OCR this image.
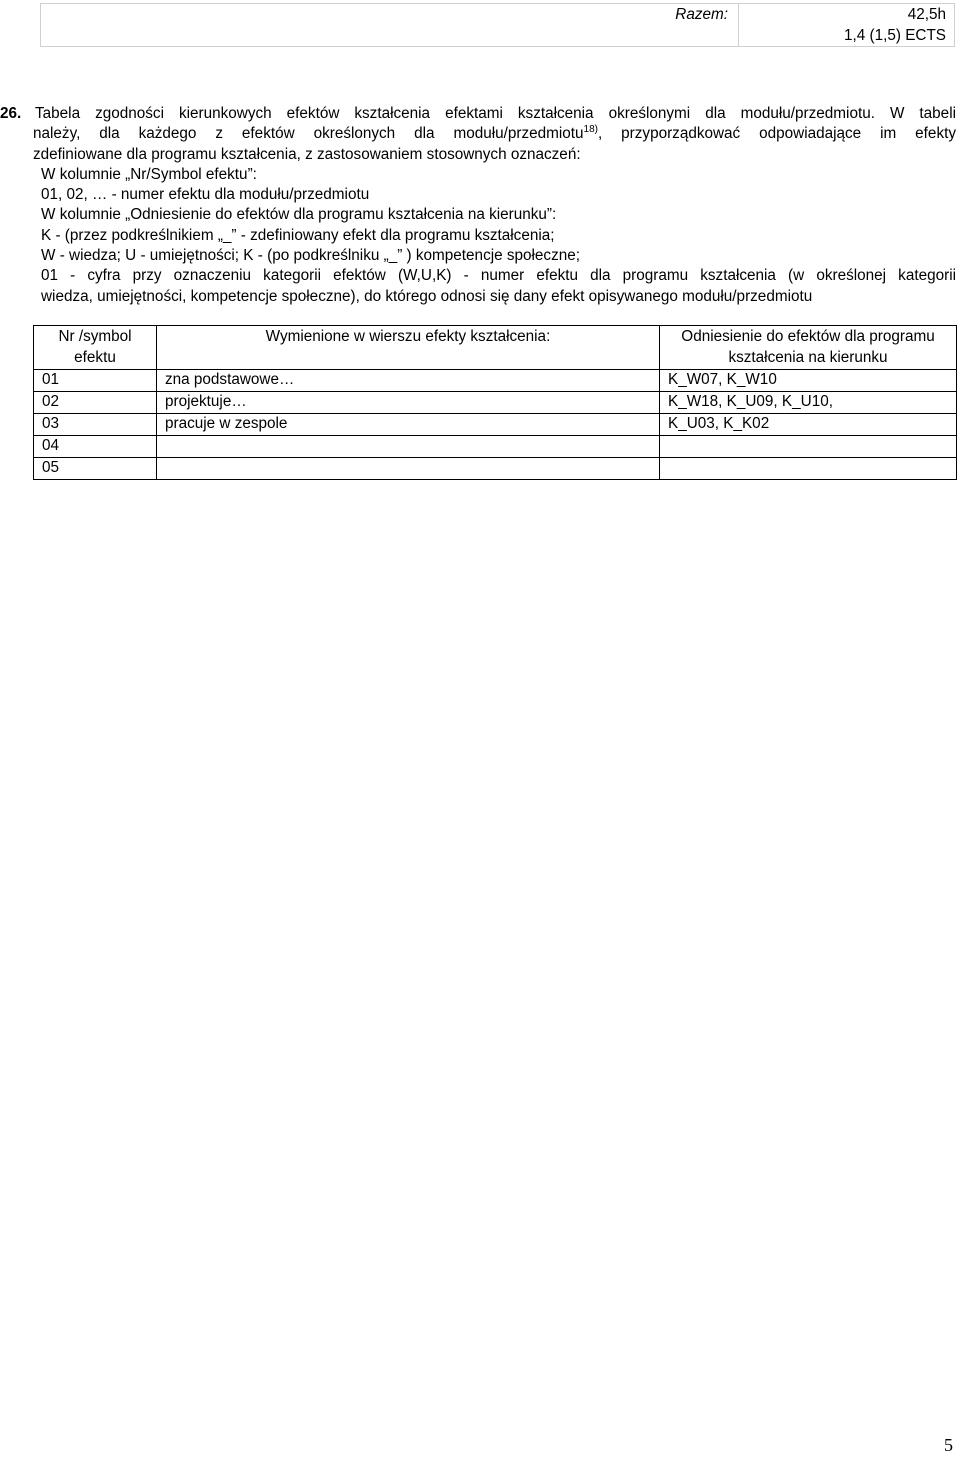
Razem:	42,5h
1,4 (1,5) ECTS

26. Tabela zgodności kierunkowych efektów kształcenia efektami kształcenia określonymi dla modułu/przedmiotu. W tabeli

należy, dla każdego z efektów określonych dla modułu/przedmiotu$^{18)}$, przyporządkować odpowiadające im efekty

zdefiniowane dla programu kształcenia, z zastosowaniem stosownych oznaczeń:

W kolumnie „Nr/Symbol efektu”:

01, 02, … - numer efektu dla modułu/przedmiotu

W kolumnie „Odniesienie do efektów dla programu kształcenia na kierunku”:

K - (przez podkreślnikiem „_” - zdefiniowany efekt dla programu kształcenia;

W - wiedza; U - umiejętności; K - (po podkreślniku „_” ) kompetencje społeczne;

01 - cyfra przy oznaczeniu kategorii efektów (W,U,K) - numer efektu dla programu kształcenia (w określonej kategorii

wiedza, umiejętności, kompetencje społeczne), do którego odnosi się dany efekt opisywanego modułu/przedmiotu

Nr /symbol efektu	Wymienione w wierszu efekty kształcenia:	Odniesienie do efektów dla programu kształcenia na kierunku
01	zna podstawowe…	K_W07, K_W10
02	projektuje…	K_W18, K_U09, K_U10,
03	pracuje w zespole	K_U03, K_K02
04		
05		
5
